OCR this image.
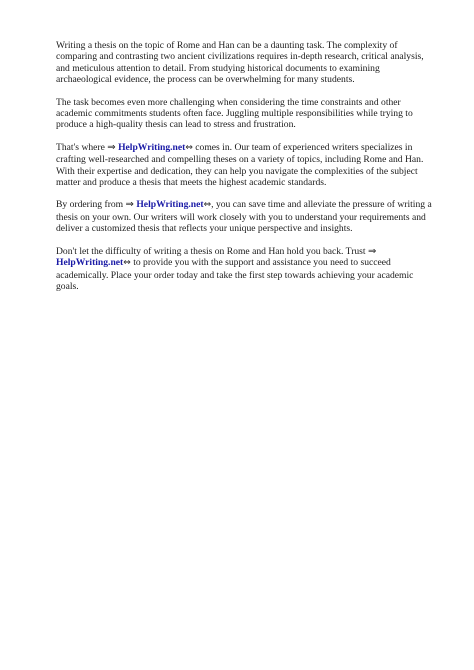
Writing a thesis on the topic of Rome and Han can be a daunting task. The complexity of comparing and contrasting two ancient civilizations requires in-depth research, critical analysis, and meticulous attention to detail. From studying historical documents to examining archaeological evidence, the process can be overwhelming for many students.

The task becomes even more challenging when considering the time constraints and other academic commitments students often face. Juggling multiple responsibilities while trying to produce a high-quality thesis can lead to stress and frustration.

That's where ⇒ HelpWriting.net⇔ comes in. Our team of experienced writers specializes in crafting well-researched and compelling theses on a variety of topics, including Rome and Han. With their expertise and dedication, they can help you navigate the complexities of the subject matter and produce a thesis that meets the highest academic standards.

By ordering from ⇒ HelpWriting.net⇔, you can save time and alleviate the pressure of writing a thesis on your own. Our writers will work closely with you to understand your requirements and deliver a customized thesis that reflects your unique perspective and insights.

Don't let the difficulty of writing a thesis on Rome and Han hold you back. Trust ⇒
HelpWriting.net⇔ to provide you with the support and assistance you need to succeed academically. Place your order today and take the first step towards achieving your academic goals.
